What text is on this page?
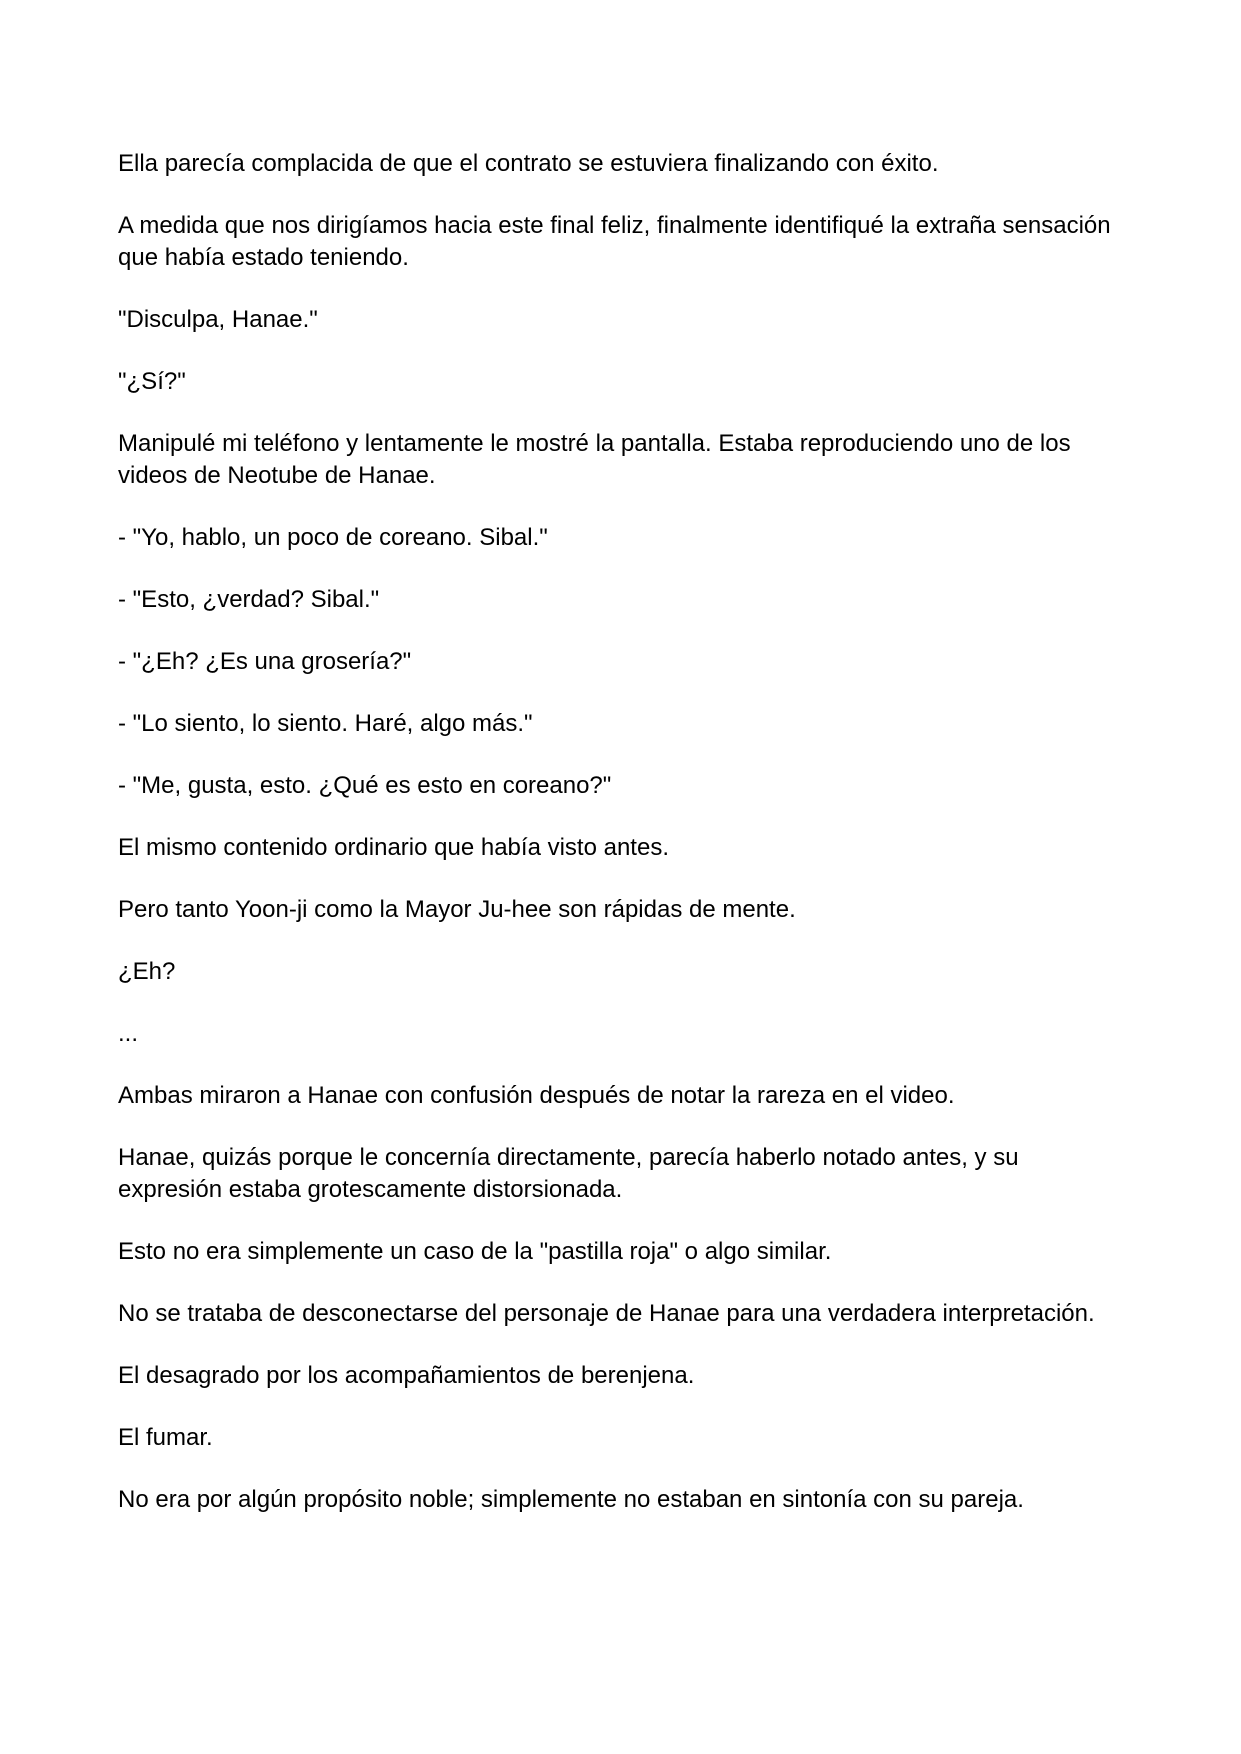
Ella parecía complacida de que el contrato se estuviera finalizando con éxito.

A medida que nos dirigíamos hacia este final feliz, finalmente identifiqué la extraña sensación que había estado teniendo.

"Disculpa, Hanae."

"¿Sí?"

Manipulé mi teléfono y lentamente le mostré la pantalla. Estaba reproduciendo uno de los videos de Neotube de Hanae.

- "Yo, hablo, un poco de coreano. Sibal."

- "Esto, ¿verdad? Sibal."

- "¿Eh? ¿Es una grosería?"

- "Lo siento, lo siento. Haré, algo más."

- "Me, gusta, esto. ¿Qué es esto en coreano?"

El mismo contenido ordinario que había visto antes.

Pero tanto Yoon-ji como la Mayor Ju-hee son rápidas de mente.

¿Eh?

...

Ambas miraron a Hanae con confusión después de notar la rareza en el video.

Hanae, quizás porque le concernía directamente, parecía haberlo notado antes, y su expresión estaba grotescamente distorsionada.

Esto no era simplemente un caso de la "pastilla roja" o algo similar.

No se trataba de desconectarse del personaje de Hanae para una verdadera interpretación.

El desagrado por los acompañamientos de berenjena.

El fumar.

No era por algún propósito noble; simplemente no estaban en sintonía con su pareja.
